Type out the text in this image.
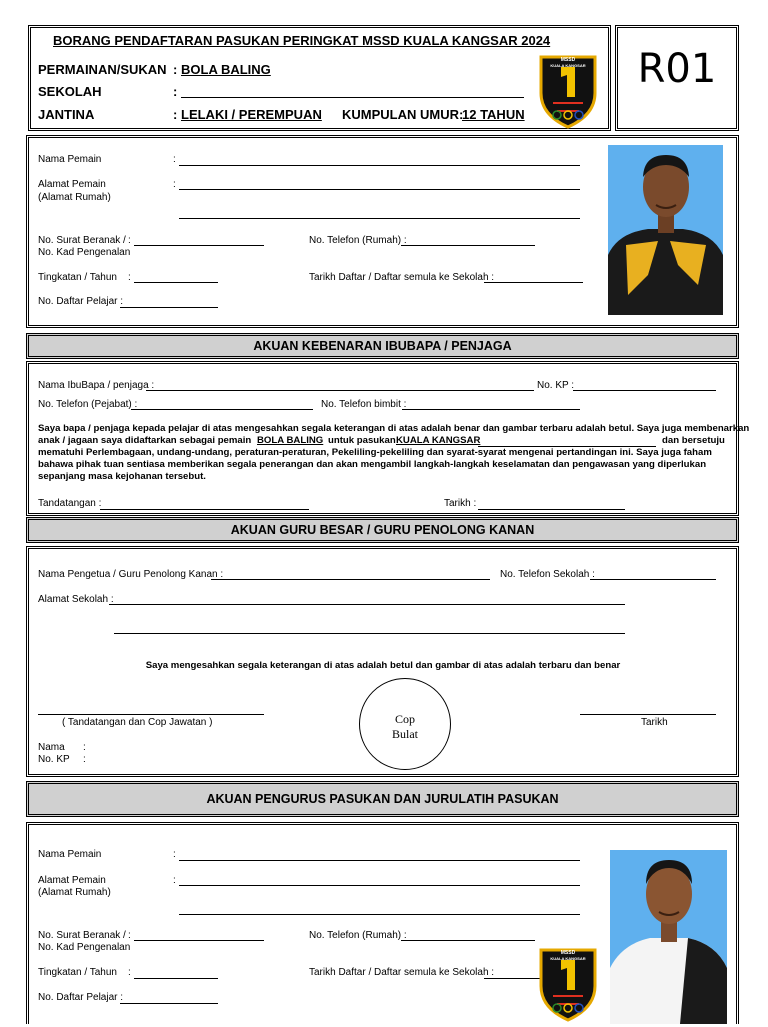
BORANG PENDAFTARAN PASUKAN PERINGKAT MSSD KUALA KANGSAR 2024
PERMAINAN/SUKAN : BOLA BALING
SEKOLAH	:
JANTINA	: LELAKI / PEREMPUAN KUMPULAN UMUR:
12 TAHUN
MSSD
KUALA KANGSAR	R01
Nama Pemain	:
Alamat Pemain
(Alamat Rumah)
:
No. Surat Beranak /
No. Kad Pengenalan
:	No. Telefon (Rumah) :
Tingkatan / Tahun :	Tarikh Daftar / Daftar semula ke Sekolah :
No. Daftar Pelajar :
AKUAN KEBENARAN IBUBAPA / PENJAGA
Nama IbuBapa / penjaga :	No. KP :
No. Telefon (Pejabat) :	No. Telefon bimbit :
Saya bapa / penjaga kepada pelajar di atas mengesahkan segala keterangan di atas adalah benar dan gambar terbaru adalah betul. Saya juga membenarkan
anak / jagaan saya didaftarkan sebagai pemain BOLA BALING untuk pasukan KUALA KANGSAR	dan bersetuju
mematuhi Perlembagaan, undang-undang, peraturan-peraturan, Pekeliling-pekeliling dan syarat-syarat mengenai pertandingan ini. Saya juga faham
bahawa pihak tuan sentiasa memberikan segala penerangan dan akan mengambil langkah-langkah keselamatan dan pengawasan yang diperlukan
sepanjang masa kejohanan tersebut.
Tandatangan :	Tarikh :
AKUAN GURU BESAR / GURU PENOLONG KANAN
Nama Pengetua / Guru Penolong Kanan :	No. Telefon Sekolah :
Alamat Sekolah :
Saya mengesahkan segala keterangan di atas adalah betul dan gambar di atas adalah terbaru dan benar
( Tandatangan dan Cop Jawatan )	Cop
Bulat
Tarikh
Nama :
No. KP :
AKUAN PENGURUS PASUKAN DAN JURULATIH PASUKAN
Nama Pemain	:
Alamat Pemain
(Alamat Rumah)
:
No. Surat Beranak /
No. Kad Pengenalan
:	No. Telefon (Rumah) :
Tingkatan / Tahun :	Tarikh Daftar / Daftar semula ke Sekolah :
No. Daftar Pelajar :
MSSD
KUALA KANGSAR
